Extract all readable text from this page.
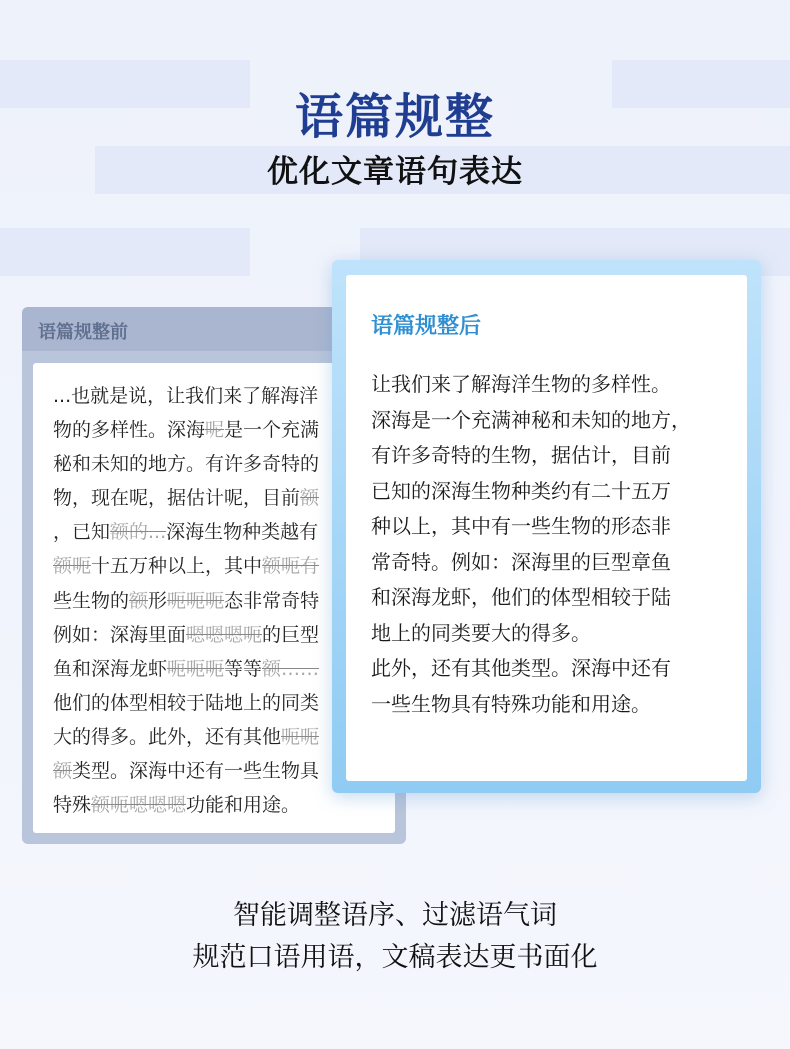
语篇规整
优化文章语句表达
语篇规整前
...也就是说，让我们来了解海洋
物的多样性。深海呢是一个充满
秘和未知的地方。有许多奇特的
物，现在呢，据估计呢，目前额
，已知额的...深海生物种类越有
额呃十五万种以上，其中额呃有
些生物的额形呃呃呃态非常奇特
例如：深海里面嗯嗯嗯呃的巨型
鱼和深海龙虾呃呃呃等等额……
他们的体型相较于陆地上的同类
大的得多。此外，还有其他呃呃
额类型。深海中还有一些生物具
特殊额呃嗯嗯嗯功能和用途。
语篇规整后

让我们来了解海洋生物的多样性。

深海是一个充满神秘和未知的地方，

有许多奇特的生物，据估计，目前

已知的深海生物种类约有二十五万

种以上，其中有一些生物的形态非

常奇特。例如：深海里的巨型章鱼

和深海龙虾，他们的体型相较于陆

地上的同类要大的得多。

此外，还有其他类型。深海中还有

一些生物具有特殊功能和用途。

智能调整语序、过滤语气词
规范口语用语，文稿表达更书面化
